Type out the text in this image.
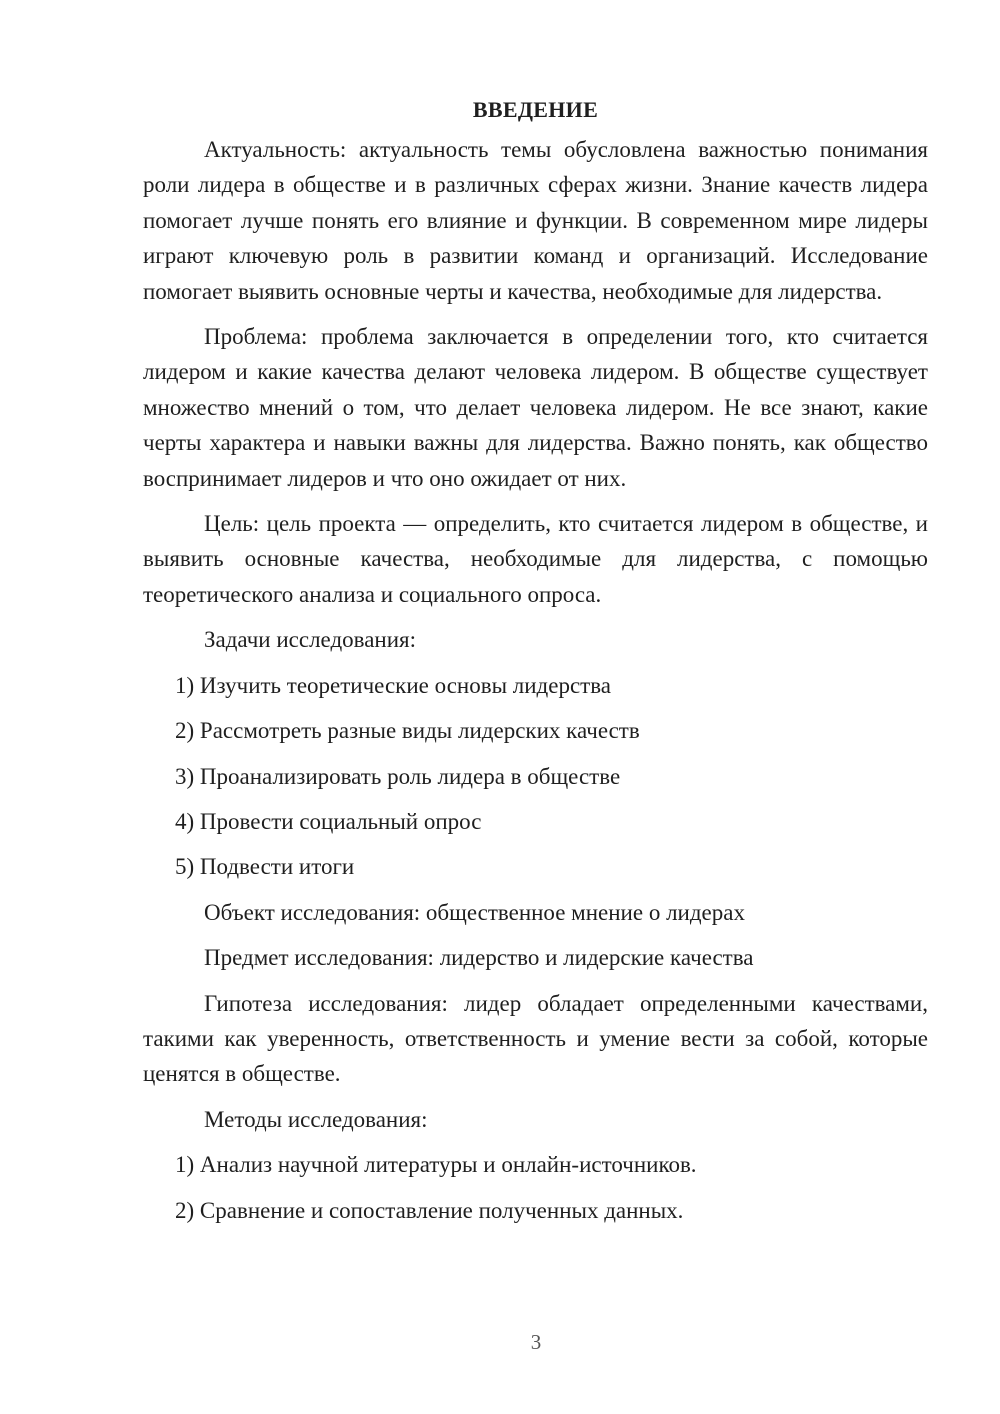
ВВЕДЕНИЕ

Актуальность: актуальность темы обусловлена важностью понимания роли лидера в обществе и в различных сферах жизни. Знание качеств лидера помогает лучше понять его влияние и функции. В современном мире лидеры играют ключевую роль в развитии команд и организаций. Исследование помогает выявить основные черты и качества, необходимые для лидерства.

Проблема: проблема заключается в определении того, кто считается лидером и какие качества делают человека лидером. В обществе существует множество мнений о том, что делает человека лидером. Не все знают, какие черты характера и навыки важны для лидерства. Важно понять, как общество воспринимает лидеров и что оно ожидает от них.

Цель: цель проекта — определить, кто считается лидером в обществе, и выявить основные качества, необходимые для лидерства, с помощью теоретического анализа и социального опроса.

Задачи исследования:
1) Изучить теоретические основы лидерства
2) Рассмотреть разные виды лидерских качеств
3) Проанализировать роль лидера в обществе
4) Провести социальный опрос
5) Подвести итоги
Объект исследования: общественное мнение о лидерах
Предмет исследования: лидерство и лидерские качества

Гипотеза исследования: лидер обладает определенными качествами, такими как уверенность, ответственность и умение вести за собой, которые ценятся в обществе.

Методы исследования:
1) Анализ научной литературы и онлайн-источников.
2) Сравнение и сопоставление полученных данных.
3
